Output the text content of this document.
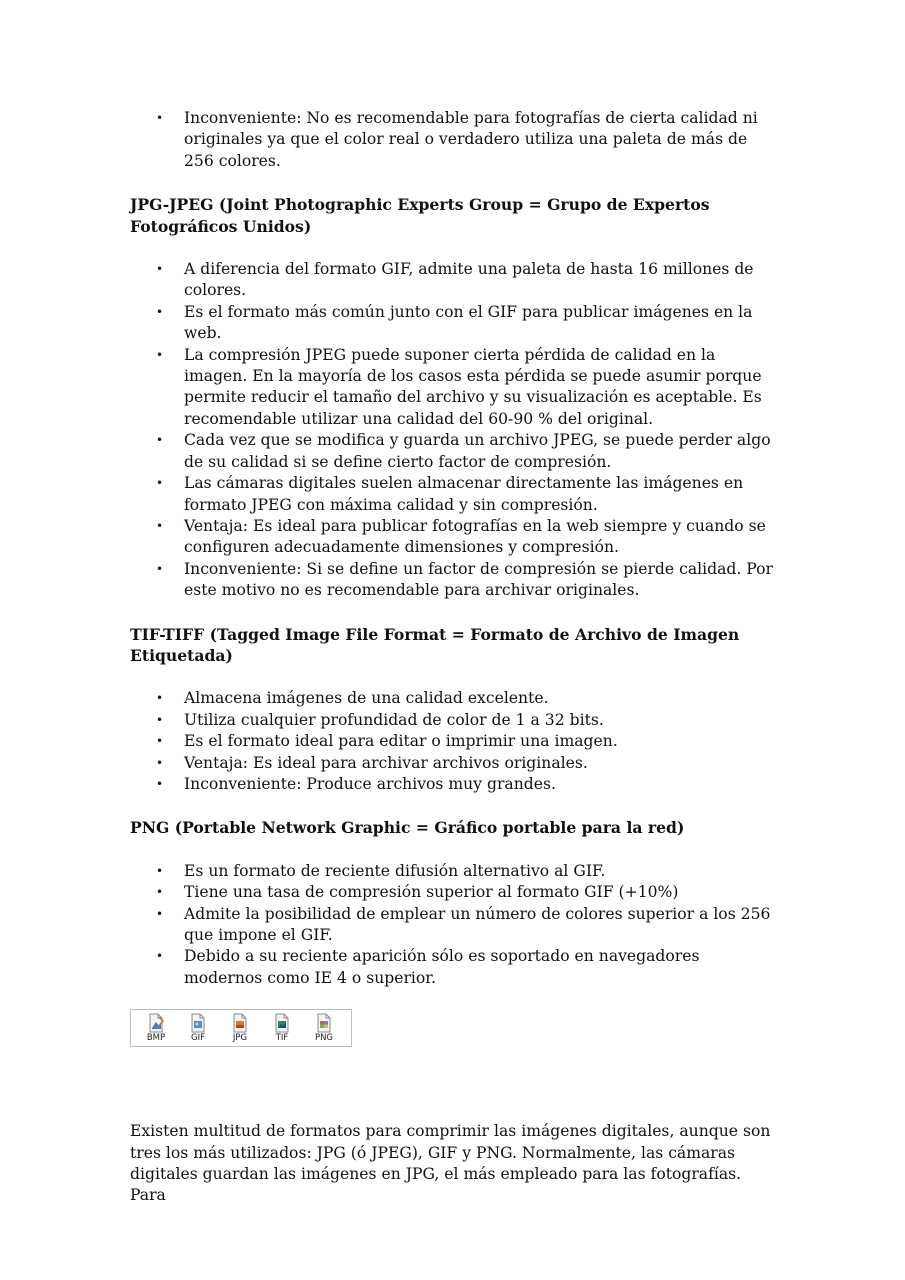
• Inconveniente: No es recomendable para fotografías de cierta calidad ni originales ya que el color real o verdadero utiliza una paleta de más de 256 colores.

JPG-JPEG (Joint Photographic Experts Group = Grupo de Expertos Fotográficos Unidos)

• A diferencia del formato GIF, admite una paleta de hasta 16 millones de colores.
• Es el formato más común junto con el GIF para publicar imágenes en la web.
• La compresión JPEG puede suponer cierta pérdida de calidad en la imagen. En la mayoría de los casos esta pérdida se puede asumir porque permite reducir el tamaño del archivo y su visualización es aceptable. Es recomendable utilizar una calidad del 60-90 % del original.
• Cada vez que se modifica y guarda un archivo JPEG, se puede perder algo de su calidad si se define cierto factor de compresión.
• Las cámaras digitales suelen almacenar directamente las imágenes en formato JPEG con máxima calidad y sin compresión.
• Ventaja: Es ideal para publicar fotografías en la web siempre y cuando se configuren adecuadamente dimensiones y compresión.
• Inconveniente: Si se define un factor de compresión se pierde calidad. Por este motivo no es recomendable para archivar originales.

TIF-TIFF (Tagged Image File Format = Formato de Archivo de Imagen Etiquetada)

• Almacena imágenes de una calidad excelente.
• Utiliza cualquier profundidad de color de 1 a 32 bits.
• Es el formato ideal para editar o imprimir una imagen.
• Ventaja: Es ideal para archivar archivos originales.
• Inconveniente: Produce archivos muy grandes.

PNG (Portable Network Graphic = Gráfico portable para la red)

• Es un formato de reciente difusión alternativo al GIF.
• Tiene una tasa de compresión superior al formato GIF (+10%)
• Admite la posibilidad de emplear un número de colores superior a los 256 que impone el GIF.
• Debido a su reciente aparición sólo es soportado en navegadores modernos como IE 4 o superior.
BMP	GIF	JPG	TIF	PNG

Existen multitud de formatos para comprimir las imágenes digitales, aunque son tres los más utilizados: JPG (ó JPEG), GIF y PNG. Normalmente, las cámaras digitales guardan las imágenes en JPG, el más empleado para las fotografías. Para
